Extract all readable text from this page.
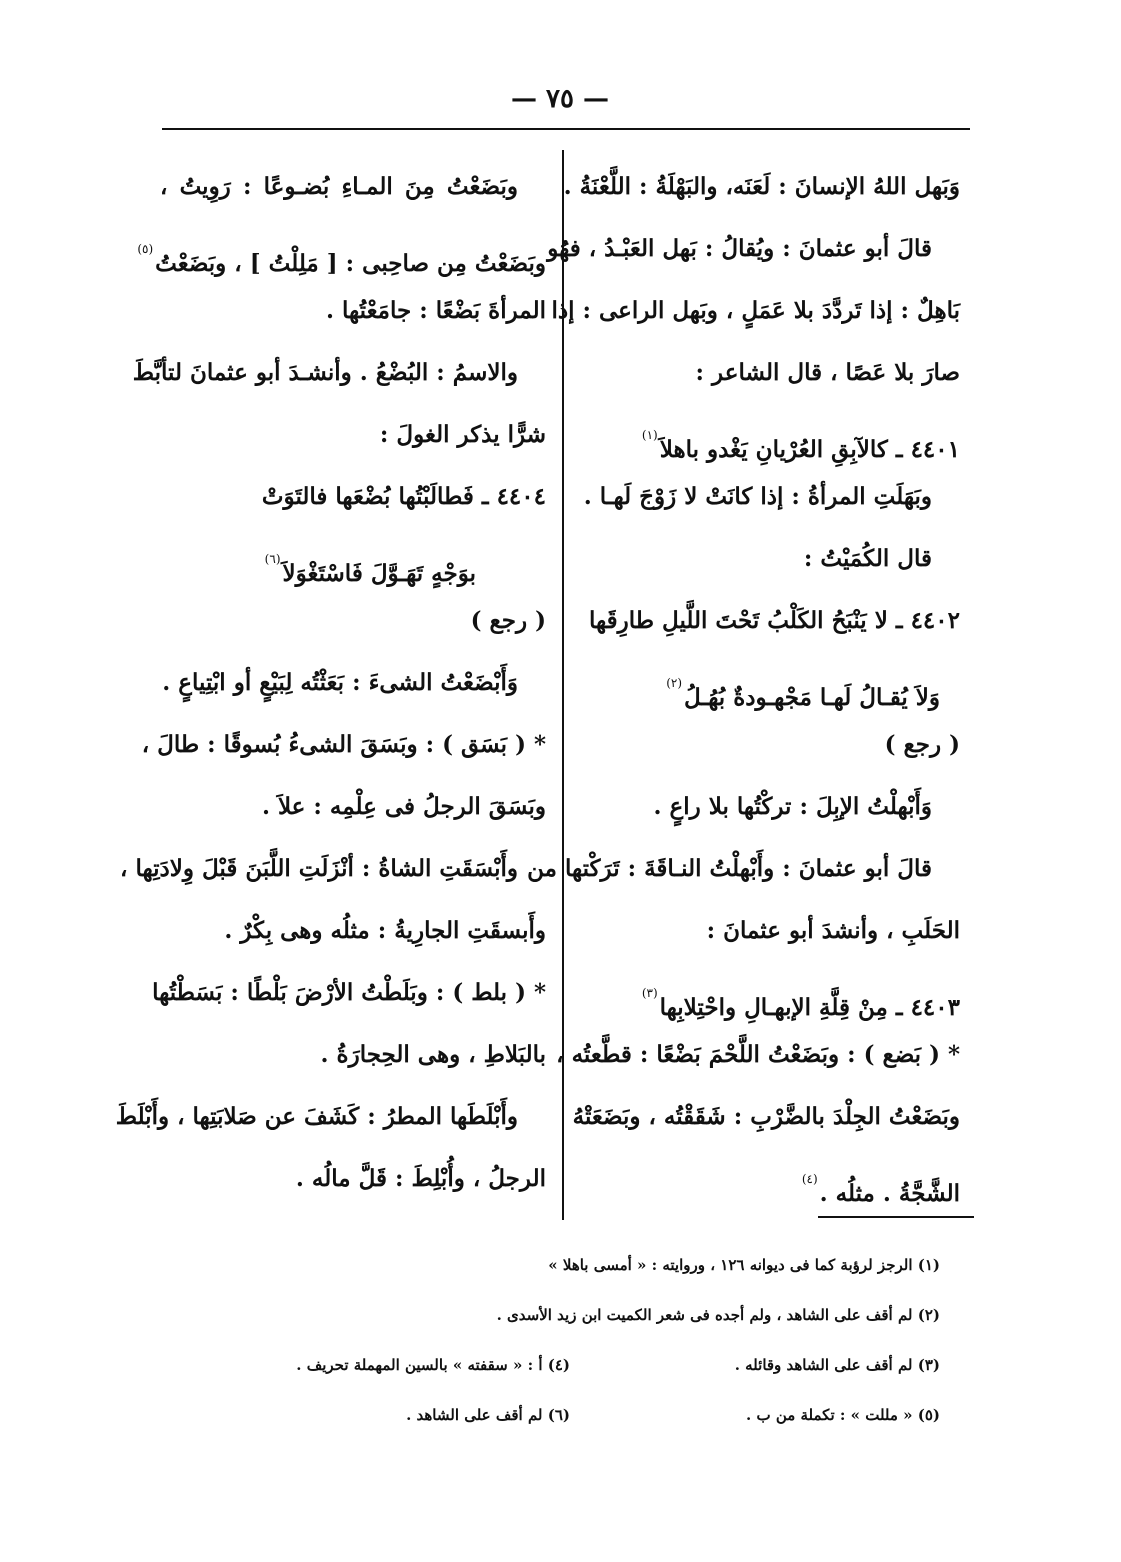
— ٧٥ —
وَبَهل اللهُ الإنسانَ : لَعَنَه، والبَهْلَةُ : اللَّعْنَةُ .
قالَ أبو عثمانَ : ويُقالُ : بَهل العَبْـدُ ، فهُو
بَاهِلٌ : إذا تَردَّدَ بلا عَمَلٍ ، وبَهل الراعى : إذا
صارَ بلا عَصًا ، قال الشاعر :
٤٤٠١ ـ كالآبِقِ العُرْيانِ يَغْدو باهلاَ$^{(١)}$
وبَهَلَتِ المرأةُ : إذا كانَتْ لا زَوْجَ لَهـا .
قال الكُمَيْتُ :
٤٤٠٢ ـ لا يَنْبَحُ الكَلْبُ تَحْتَ اللَّيلِ طارِقَها
وَلاَ يُقـالُ لَهـا مَجْهـودةٌ بُهُـلُ$^{(٢)}$
( رجع )
وَأَبْهلْتُ الإبِلَ : تركْتُها بلا راعٍ .
قالَ أبو عثمانَ : وأَبْهلْتُ النـاقَةَ : تَرَكْتها من
الحَلَبِ ، وأنشدَ أبو عثمانَ :
٤٤٠٣ ـ مِنْ قِلَّةِ الإبهـالِ واحْتِلابِها$^{(٣)}$
* ( بَضع ) : وبَضَعْتُ اللَّحْمَ بَضْعًا : قطَّعتُه ،
وبَضَعْتُ الجِلْدَ بالضَّرْبِ : شَقَقْتُه ، وبَضَعَتْهُ
الشَّجَّةُ . مثلُه .$^{(٤)}$
وبَضَعْتُ مِنَ المـاءِ بُضـوعًا : رَوِيتُ ،
وبَضَعْتُ مِن صاحِبى : [ مَلِلْتُ ] ، وبَضَعْتُ$^{(٥)}$
المرأةَ بَضْعًا : جامَعْتُها .
والاسمُ : البُضْعُ . وأنشـدَ أبو عثمانَ لتأبَّطَ
شرًّا يذكر الغولَ :
٤٤٠٤ ـ فَطالَبْتُها بُضْعَها فالتَوَتْ
بوَجْهٍ تَهَـوَّلَ فَاسْتَغْوَلاَ$^{(٦)}$
( رجع )
وَأَبْضَعْتُ الشىءَ : بَعَثْتُه لِبَيْعٍ أو ابْتِياعٍ .
* ( بَسَق ) : وبَسَقَ الشىءُ بُسوقًا : طالَ ،
وبَسَقَ الرجلُ فى عِلْمِه : علاَ .
وأَبْسَقَتِ الشاةُ : أنْزَلَتِ اللَّبَنَ قَبْلَ وِلادَتِها ،
وأَبسقَتِ الجارِيةُ : مثلُه وهى بِكْرٌ .
* ( بلط ) : وبَلَطْتُ الأرْضَ بَلْطًا : بَسَطْتُها
بالبَلاطِ ، وهى الحِجارَةُ .
وأَبْلَطَها المطرُ : كَشَفَ عن صَلابَتِها ، وأَبْلَطَ
الرجلُ ، وأُبْلِطَ : قَلَّ مالُه .
(١) الرجز لرؤبة كما فى ديوانه ١٢٦ ، وروايته : « أمسى باهلا »
(٢) لم أقف على الشاهد ، ولم أجده فى شعر الكميت ابن زيد الأسدى .
(٣) لم أقف على الشاهد وقائله .
(٤) أ : « سقفته » بالسين المهملة تحريف .
(٥) « مللت » : تكملة من ب .
(٦) لم أقف على الشاهد .
